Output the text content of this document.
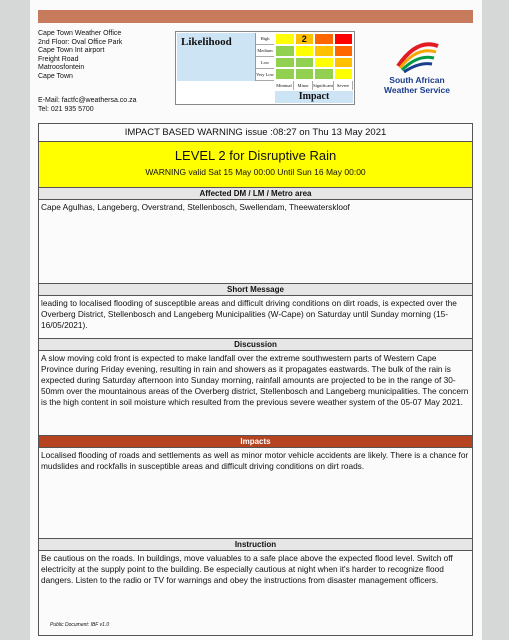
Cape Town Weather Office
2nd Floor: Oval Office Park
Cape Town Int airport
Freight Road
Matroosfontein
Cape Town
E-Mail: factfc@weathersa.co.za
Tel: 021 935 5700
Likelihood	High
Medium
Low
Very Low
2
Minimal	Minor Significant Severe
Impact
South African
Weather Service
IMPACT BASED WARNING issue :08:27 on Thu 13 May 2021
LEVEL 2 for Disruptive Rain
WARNING valid Sat 15 May 00:00 Until Sun 16 May 00:00
Affected DM / LM / Metro area
Cape Agulhas, Langeberg, Overstrand, Stellenbosch, Swellendam, Theewaterskloof
Short Message
leading to localised flooding of susceptible areas and difficult driving conditions on dirt roads, is expected over the Overberg District, Stellenbosch and Langeberg Municipalities (W-Cape) on Saturday until Sunday morning (15-16/05/2021).
Discussion
A slow moving cold front is expected to make landfall over the extreme southwestern parts of Western Cape Province during Friday evening, resulting in rain and showers as it propagates eastwards. The bulk of the rain is expected during Saturday afternoon into Sunday morning, rainfall amounts are projected to be in the range of 30-50mm over the mountainous areas of the Overberg district, Stellenbosch and Langeberg municipalities. The concern is the high content in soil moisture which resulted from the previous severe weather system of the 05-07 May 2021.
Impacts
Localised flooding of roads and settlements as well as minor motor vehicle accidents are likely. There is a chance for mudslides and rockfalls in susceptible areas and difficult driving conditions on dirt roads.
Instruction
Be cautious on the roads. In buildings, move valuables to a safe place above the expected flood level. Switch off electricity at the supply point to the building. Be especially cautious at night when it's harder to recognize flood dangers. Listen to the radio or TV for warnings and obey the instructions from disaster management officers.
Public Document: IBF v1.0
